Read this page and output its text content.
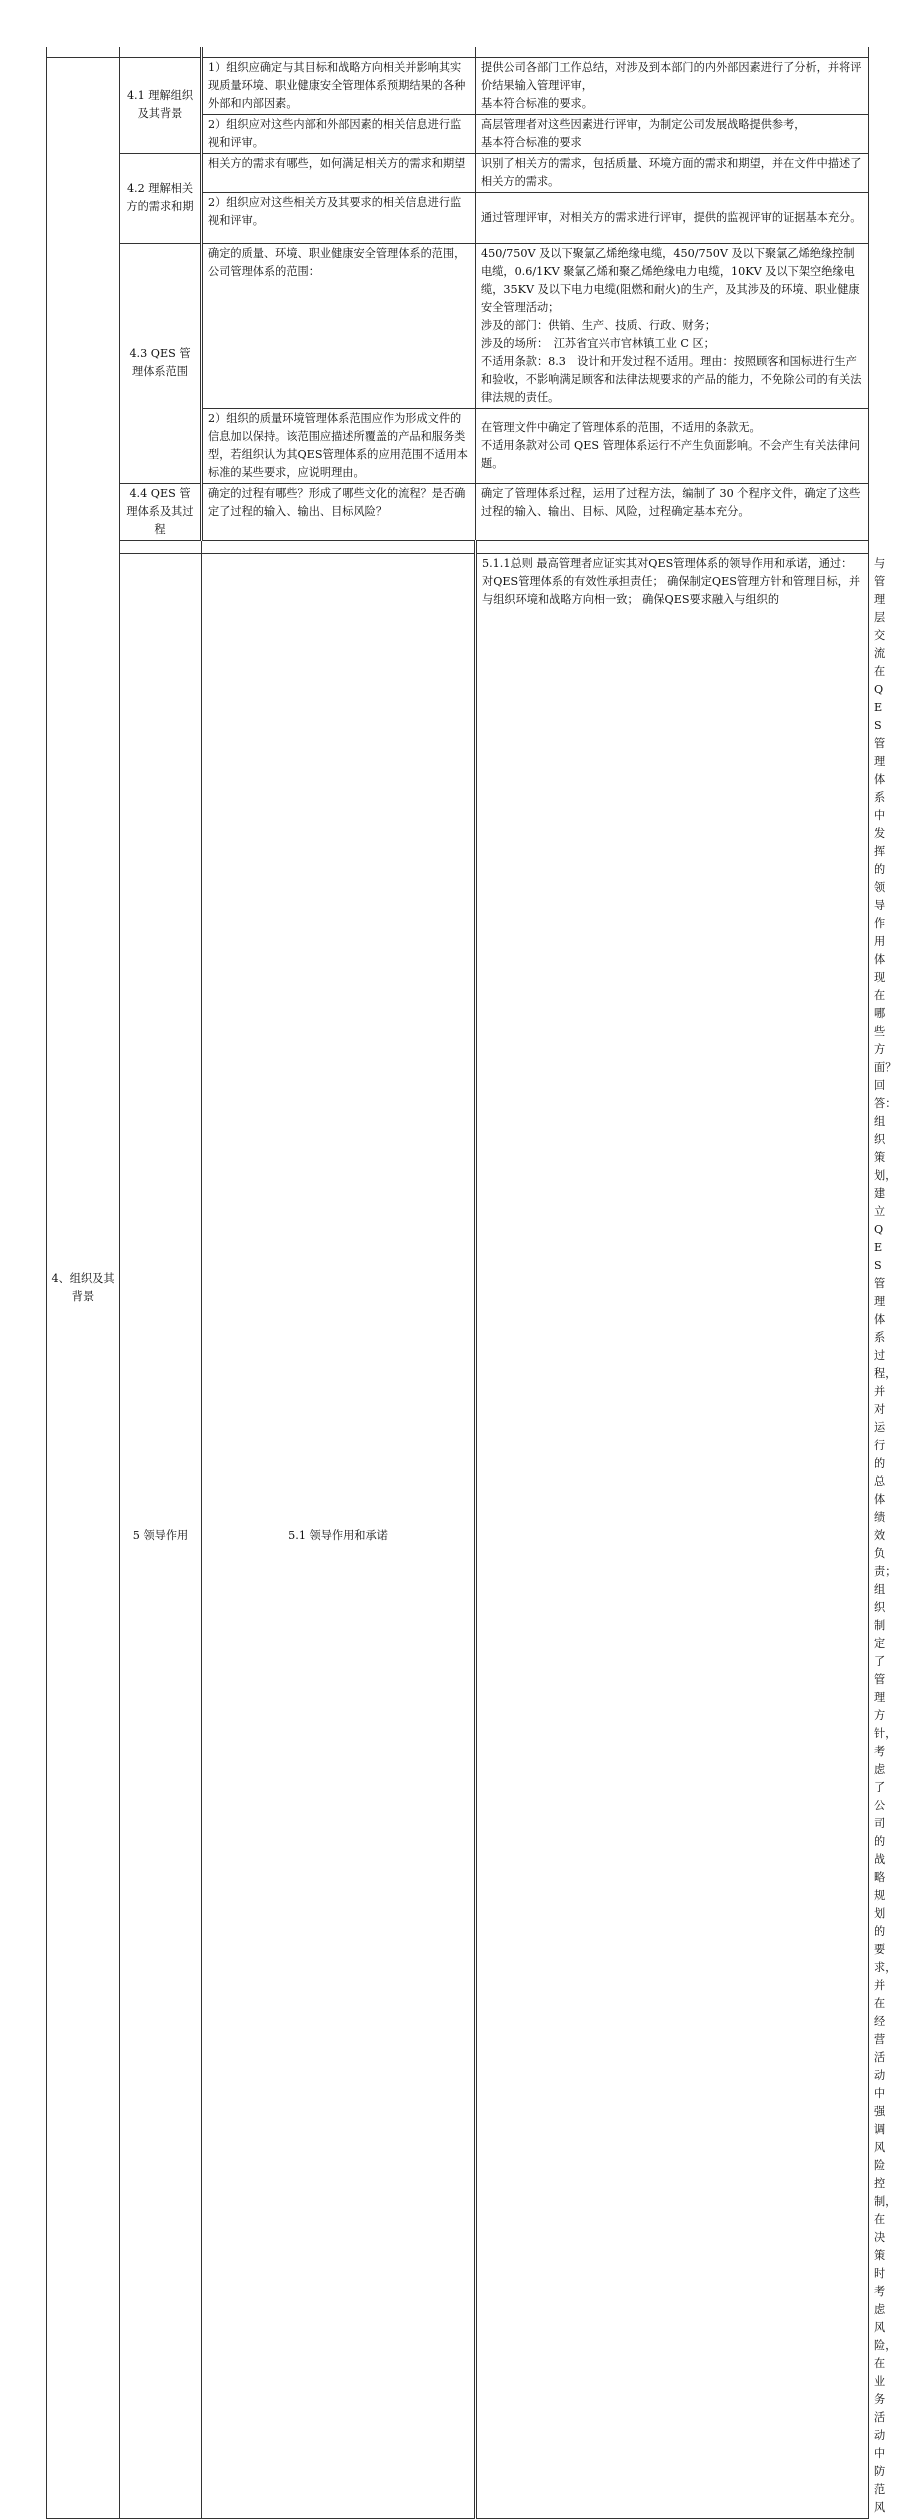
4、组织及其背景	4.1 理解组织及其背景	1）组织应确定与其目标和战略方向相关并影响其实现质量环境、职业健康安全管理体系预期结果的各种外部和内部因素。	提供公司各部门工作总结，对涉及到本部门的内外部因素进行了分析，并将评价结果输入管理评审，
基本符合标准的要求。	

		2）组织应对这些内部和外部因素的相关信息进行监视和评审。	高层管理者对这些因素进行评审，为制定公司发展战略提供参考，
基本符合标准的要求	

	4.2 理解相关方的需求和期	相关方的需求有哪些，如何满足相关方的需求和期望	识别了相关方的需求，包括质量、环境方面的需求和期望，并在文件中描述了相关方的需求。	

		2）组织应对这些相关方及其要求的相关信息进行监视和评审。	通过管理评审，对相关方的需求进行评审，提供的监视评审的证据基本充分。	

	4.3 QES 管理体系范围	确定的质量、环境、职业健康安全管理体系的范围，公司管理体系的范围：	450/750V 及以下聚氯乙烯绝缘电缆，450/750V 及以下聚氯乙烯绝缘控制电缆，0.6/1KV 聚氯乙烯和聚乙烯绝缘电力电缆，10KV 及以下架空绝缘电缆，35KV 及以下电力电缆(阻燃和耐火)的生产，及其涉及的环境、职业健康安全管理活动；
涉及的部门：供销、生产、技质、行政、财务；
涉及的场所：　江苏省宜兴市官林镇工业 C 区；
不适用条款：8.3　设计和开发过程不适用。理由：按照顾客和国标进行生产和验收，不影响满足顾客和法律法规要求的产品的能力，不免除公司的有关法律法规的责任。	

		2）组织的质量环境管理体系范围应作为形成文件的信息加以保持。该范围应描述所覆盖的产品和服务类型，若组织认为其QES管理体系的应用范围不适用本标准的某些要求，应说明理由。	在管理文件中确定了管理体系的范围，不适用的条款无。
不适用条款对公司 QES 管理体系运行不产生负面影响。不会产生有关法律问题。	

	4.4 QES 管理体系及其过程	确定的过程有哪些？形成了哪些文化的流程？是否确定了过程的输入、输出、目标风险？	确定了管理体系过程，运用了过程方法，编制了 30 个程序文件，确定了这些过程的输入、输出、目标、风险，过程确定基本充分。	

	5 领导作用	5.1 领导作用和承诺	5.1.1总则 最高管理者应证实其对QES管理体系的领导作用和承诺，通过： 对QES管理体系的有效性承担责任； 确保制定QES管理方针和管理目标，并与组织环境和战略方向相一致； 确保QES要求融入与组织的	与管理层交流在 QES 管理体系中发挥的领导作用体现在哪些方面？
回答：组织策划，建立 QES 管理体系过程，并对运行的总体绩效负责；组织制定了管理方针，考虑了公司的战略规划的要求，并在经营活动中强调风险控制，在决策时考虑风险，在业务活动中防范风
